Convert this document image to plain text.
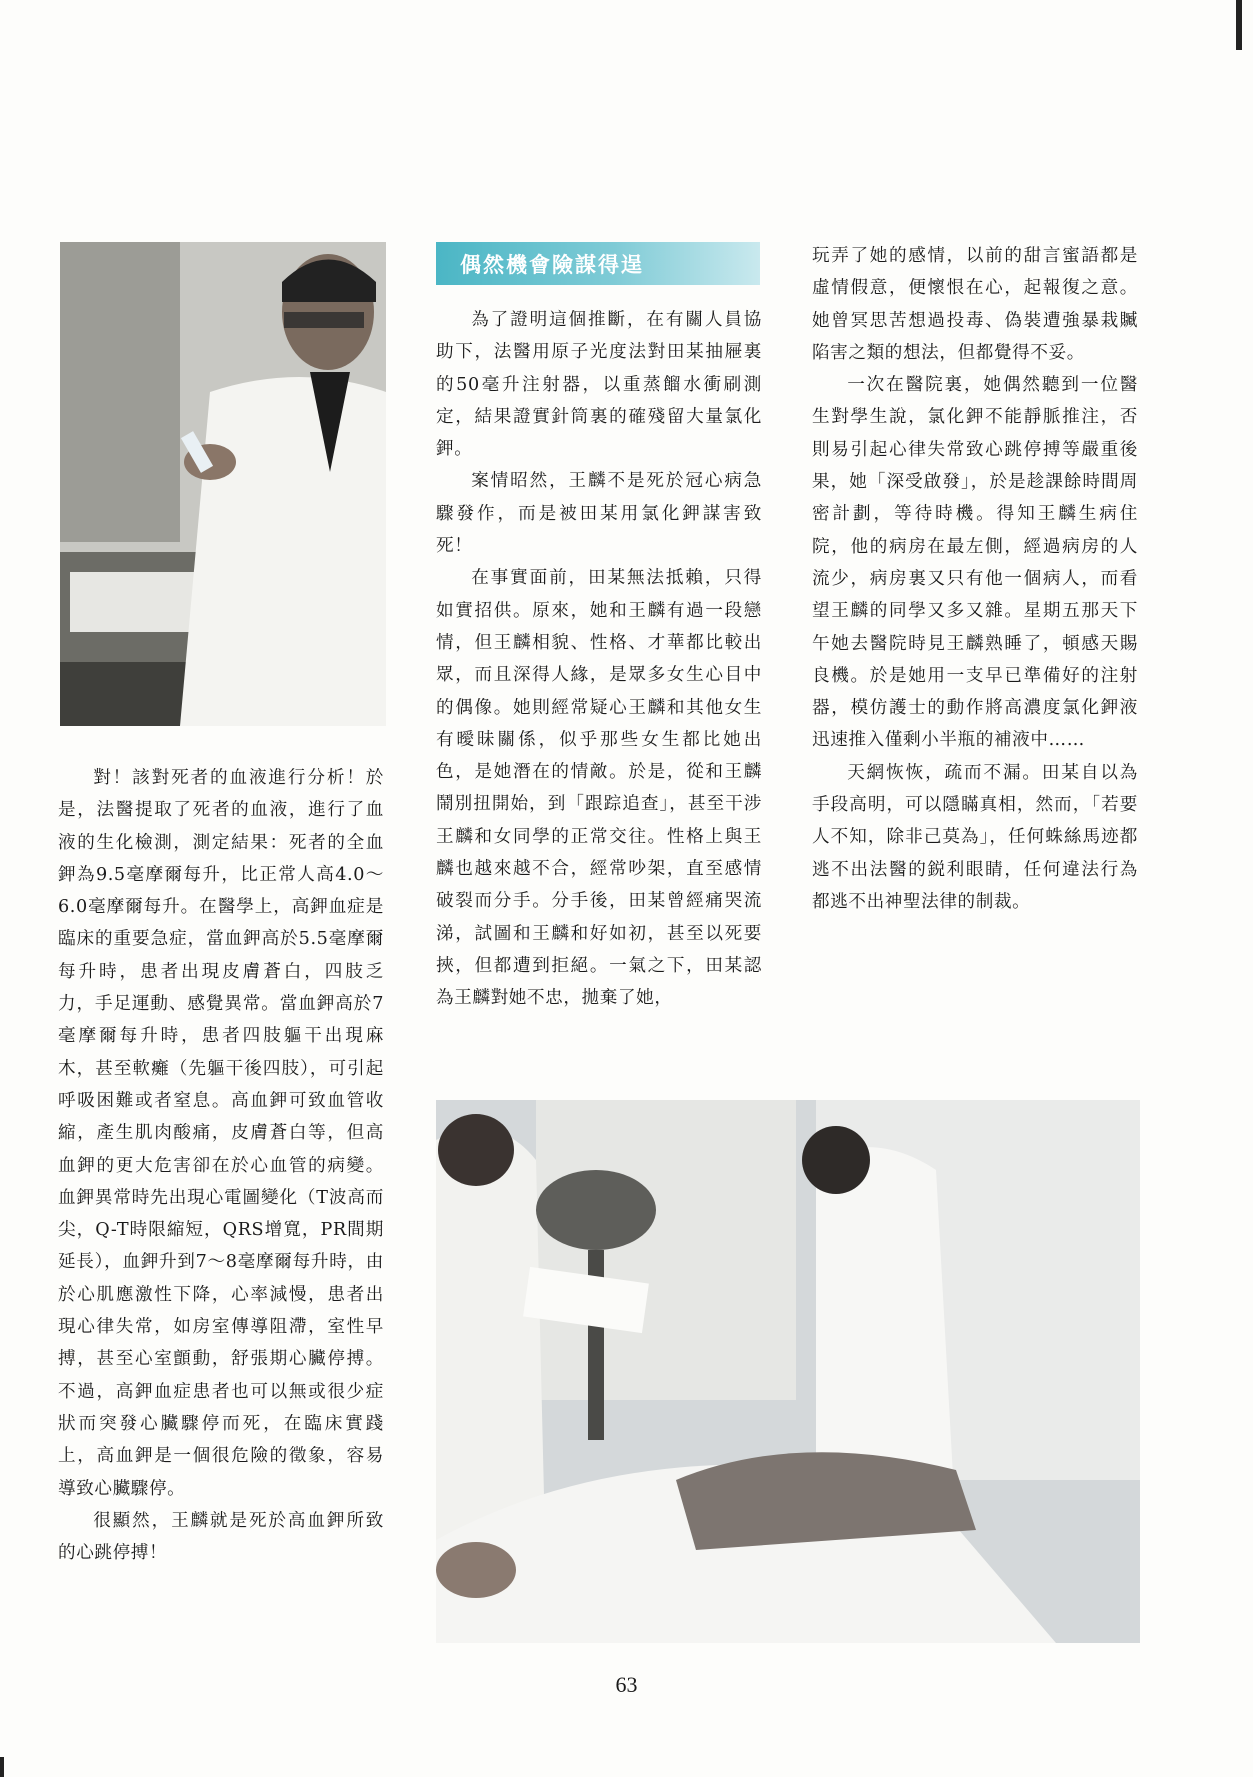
對！該對死者的血液進行分析！於是，法醫提取了死者的血液，進行了血液的生化檢測，測定結果：死者的全血鉀為9.5毫摩爾每升，比正常人高4.0～6.0毫摩爾每升。在醫學上，高鉀血症是臨床的重要急症，當血鉀高於5.5毫摩爾每升時，患者出現皮膚蒼白，四肢乏力，手足運動、感覺異常。當血鉀高於7毫摩爾每升時，患者四肢軀干出現麻木，甚至軟癱（先軀干後四肢），可引起呼吸困難或者窒息。高血鉀可致血管收縮，產生肌肉酸痛，皮膚蒼白等，但高血鉀的更大危害卻在於心血管的病變。血鉀異常時先出現心電圖變化（T波高而尖，Q-T時限縮短，QRS增寬，PR間期延長），血鉀升到7～8毫摩爾每升時，由於心肌應激性下降，心率減慢，患者出現心律失常，如房室傳導阻滯，室性早搏，甚至心室顫動，舒張期心臟停搏。不過，高鉀血症患者也可以無或很少症狀而突發心臟驟停而死，在臨床實踐上，高血鉀是一個很危險的徵象，容易導致心臟驟停。

很顯然，王麟就是死於高血鉀所致的心跳停搏！

偶然機會險謀得逞

為了證明這個推斷，在有關人員協助下，法醫用原子光度法對田某抽屜裏的50毫升注射器，以重蒸餾水衝刷測定，結果證實針筒裏的確殘留大量氯化鉀。

案情昭然，王麟不是死於冠心病急驟發作，而是被田某用氯化鉀謀害致死！

在事實面前，田某無法抵賴，只得如實招供。原來，她和王麟有過一段戀情，但王麟相貌、性格、才華都比較出眾，而且深得人緣，是眾多女生心目中的偶像。她則經常疑心王麟和其他女生有曖昧關係，似乎那些女生都比她出色，是她潛在的情敵。於是，從和王麟鬧別扭開始，到「跟踪追查」，甚至干涉王麟和女同學的正常交往。性格上與王麟也越來越不合，經常吵架，直至感情破裂而分手。分手後，田某曾經痛哭流涕，試圖和王麟和好如初，甚至以死要挾，但都遭到拒絕。一氣之下，田某認為王麟對她不忠，拋棄了她，

玩弄了她的感情，以前的甜言蜜語都是虛情假意，便懷恨在心，起報復之意。她曾冥思苦想過投毒、偽裝遭強暴栽贓陷害之類的想法，但都覺得不妥。

一次在醫院裏，她偶然聽到一位醫生對學生說，氯化鉀不能靜脈推注，否則易引起心律失常致心跳停搏等嚴重後果，她「深受啟發」，於是趁課餘時間周密計劃，等待時機。得知王麟生病住院，他的病房在最左側，經過病房的人流少，病房裏又只有他一個病人，而看望王麟的同學又多又雜。星期五那天下午她去醫院時見王麟熟睡了，頓感天賜良機。於是她用一支早已準備好的注射器，模仿護士的動作將高濃度氯化鉀液迅速推入僅剩小半瓶的補液中……

天網恢恢，疏而不漏。田某自以為手段高明，可以隱瞞真相，然而，「若要人不知，除非己莫為」，任何蛛絲馬迹都逃不出法醫的鋭利眼睛，任何違法行為都逃不出神聖法律的制裁。

63
